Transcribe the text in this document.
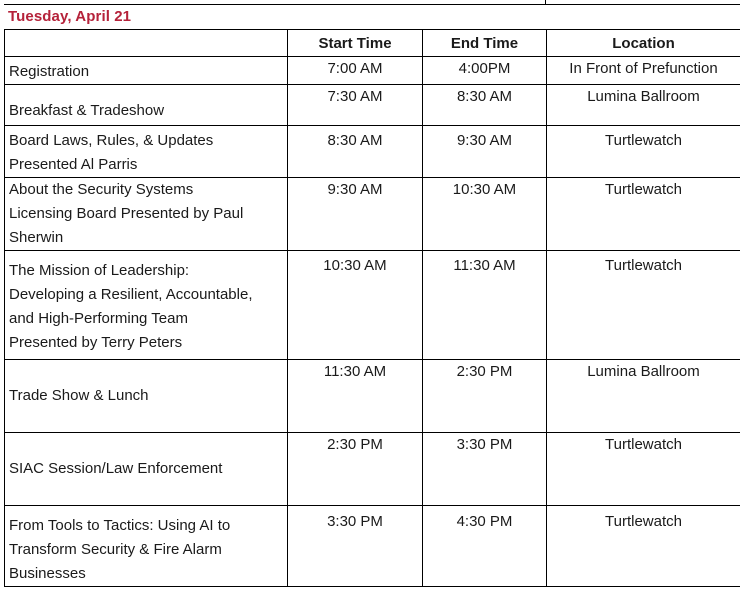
Tuesday, April 21
	Start Time	End Time	Location
Registration	7:00 AM	4:00PM	In Front of Prefunction
Breakfast & Tradeshow	7:30 AM	8:30 AM	Lumina Ballroom
Board Laws, Rules, & Updates
Presented Al Parris	8:30 AM	9:30 AM	Turtlewatch
About the Security Systems
Licensing Board Presented by Paul
Sherwin	9:30 AM	10:30 AM	Turtlewatch
The Mission of Leadership:
Developing a Resilient, Accountable,
and High-Performing Team
Presented by Terry Peters	10:30 AM	11:30 AM	Turtlewatch
Trade Show & Lunch	11:30 AM	2:30 PM	Lumina Ballroom
SIAC Session/Law Enforcement	2:30 PM	3:30 PM	Turtlewatch
From Tools to Tactics: Using AI to
Transform Security & Fire Alarm
Businesses	3:30 PM	4:30 PM	Turtlewatch
